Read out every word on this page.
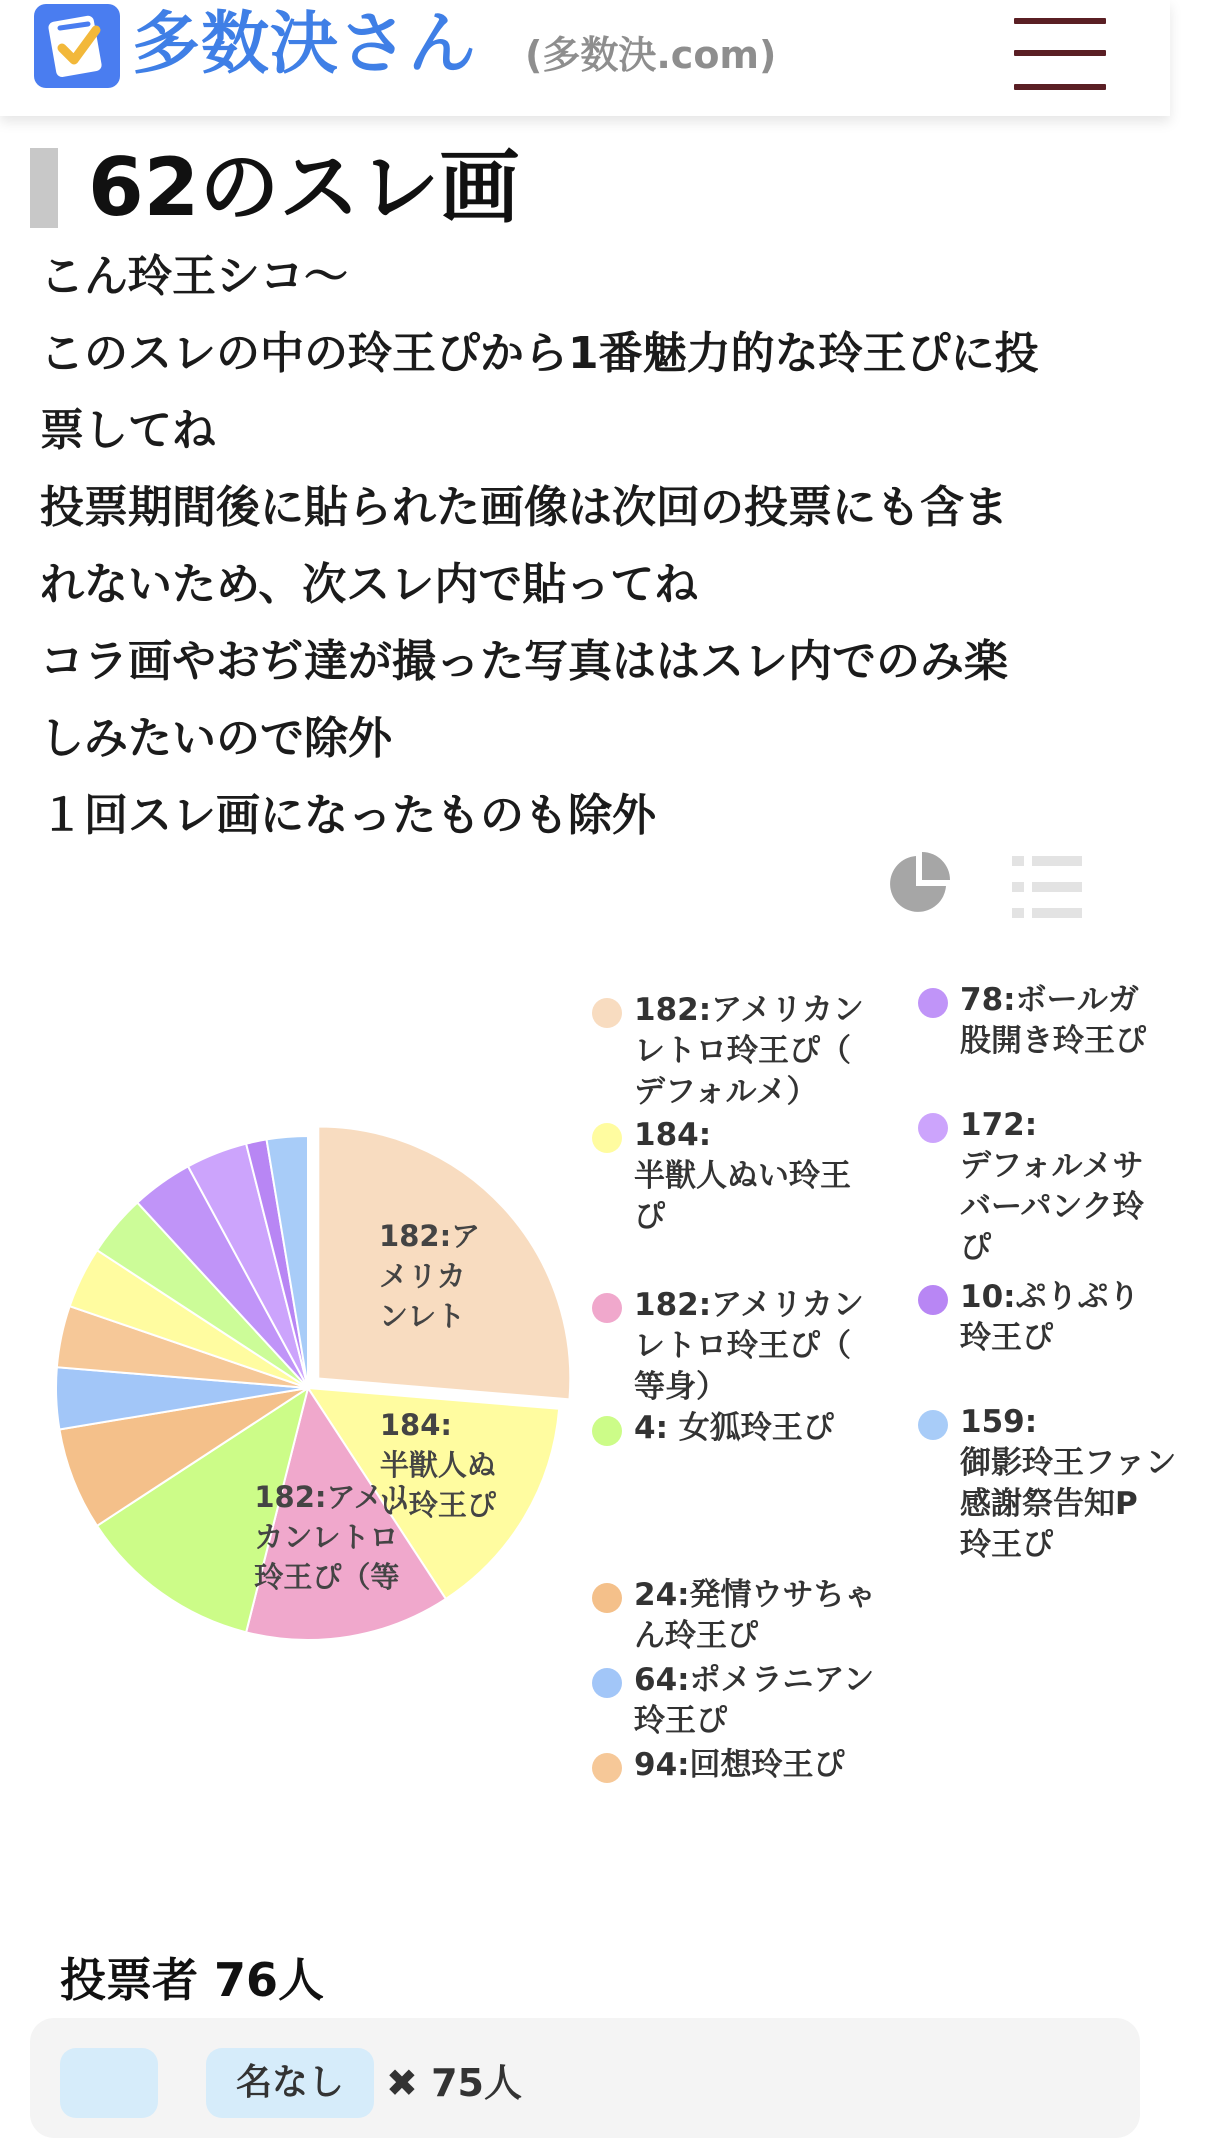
多数決さん (多数決.com)
62のスレ画

こん玲王シコ〜

このスレの中の玲王ぴから1番魅力的な玲王ぴに投

票してね

投票期間後に貼られた画像は次回の投票にも含ま

れないため、次スレ内で貼ってね

コラ画やおぢ達が撮った写真ははスレ内でのみ楽

しみたいので除外

１回スレ画になったものも除外

182:ア
メリカ
ンレト
184:
半獣人ぬ
い玲王ぴ
182:アメリ
カンレトロ
玲王ぴ（等
182:アメリカン
レトロ玲王ぴ（
デフォルメ）
184:
半獣人ぬい玲王
ぴ
182:アメリカン
レトロ玲王ぴ（
等身）
4: 女狐玲王ぴ
24:発情ウサちゃ
ん玲王ぴ
64:ポメラニアン
玲王ぴ
94:回想玲王ぴ
78:ボールガ
股開き玲王ぴ
172:
デフォルメサ
バーパンク玲
ぴ
10:ぷりぷり
玲王ぴ
159:
御影玲王ファン
感謝祭告知P
玲王ぴ
投票者 76人
名なし	✖ 75人
